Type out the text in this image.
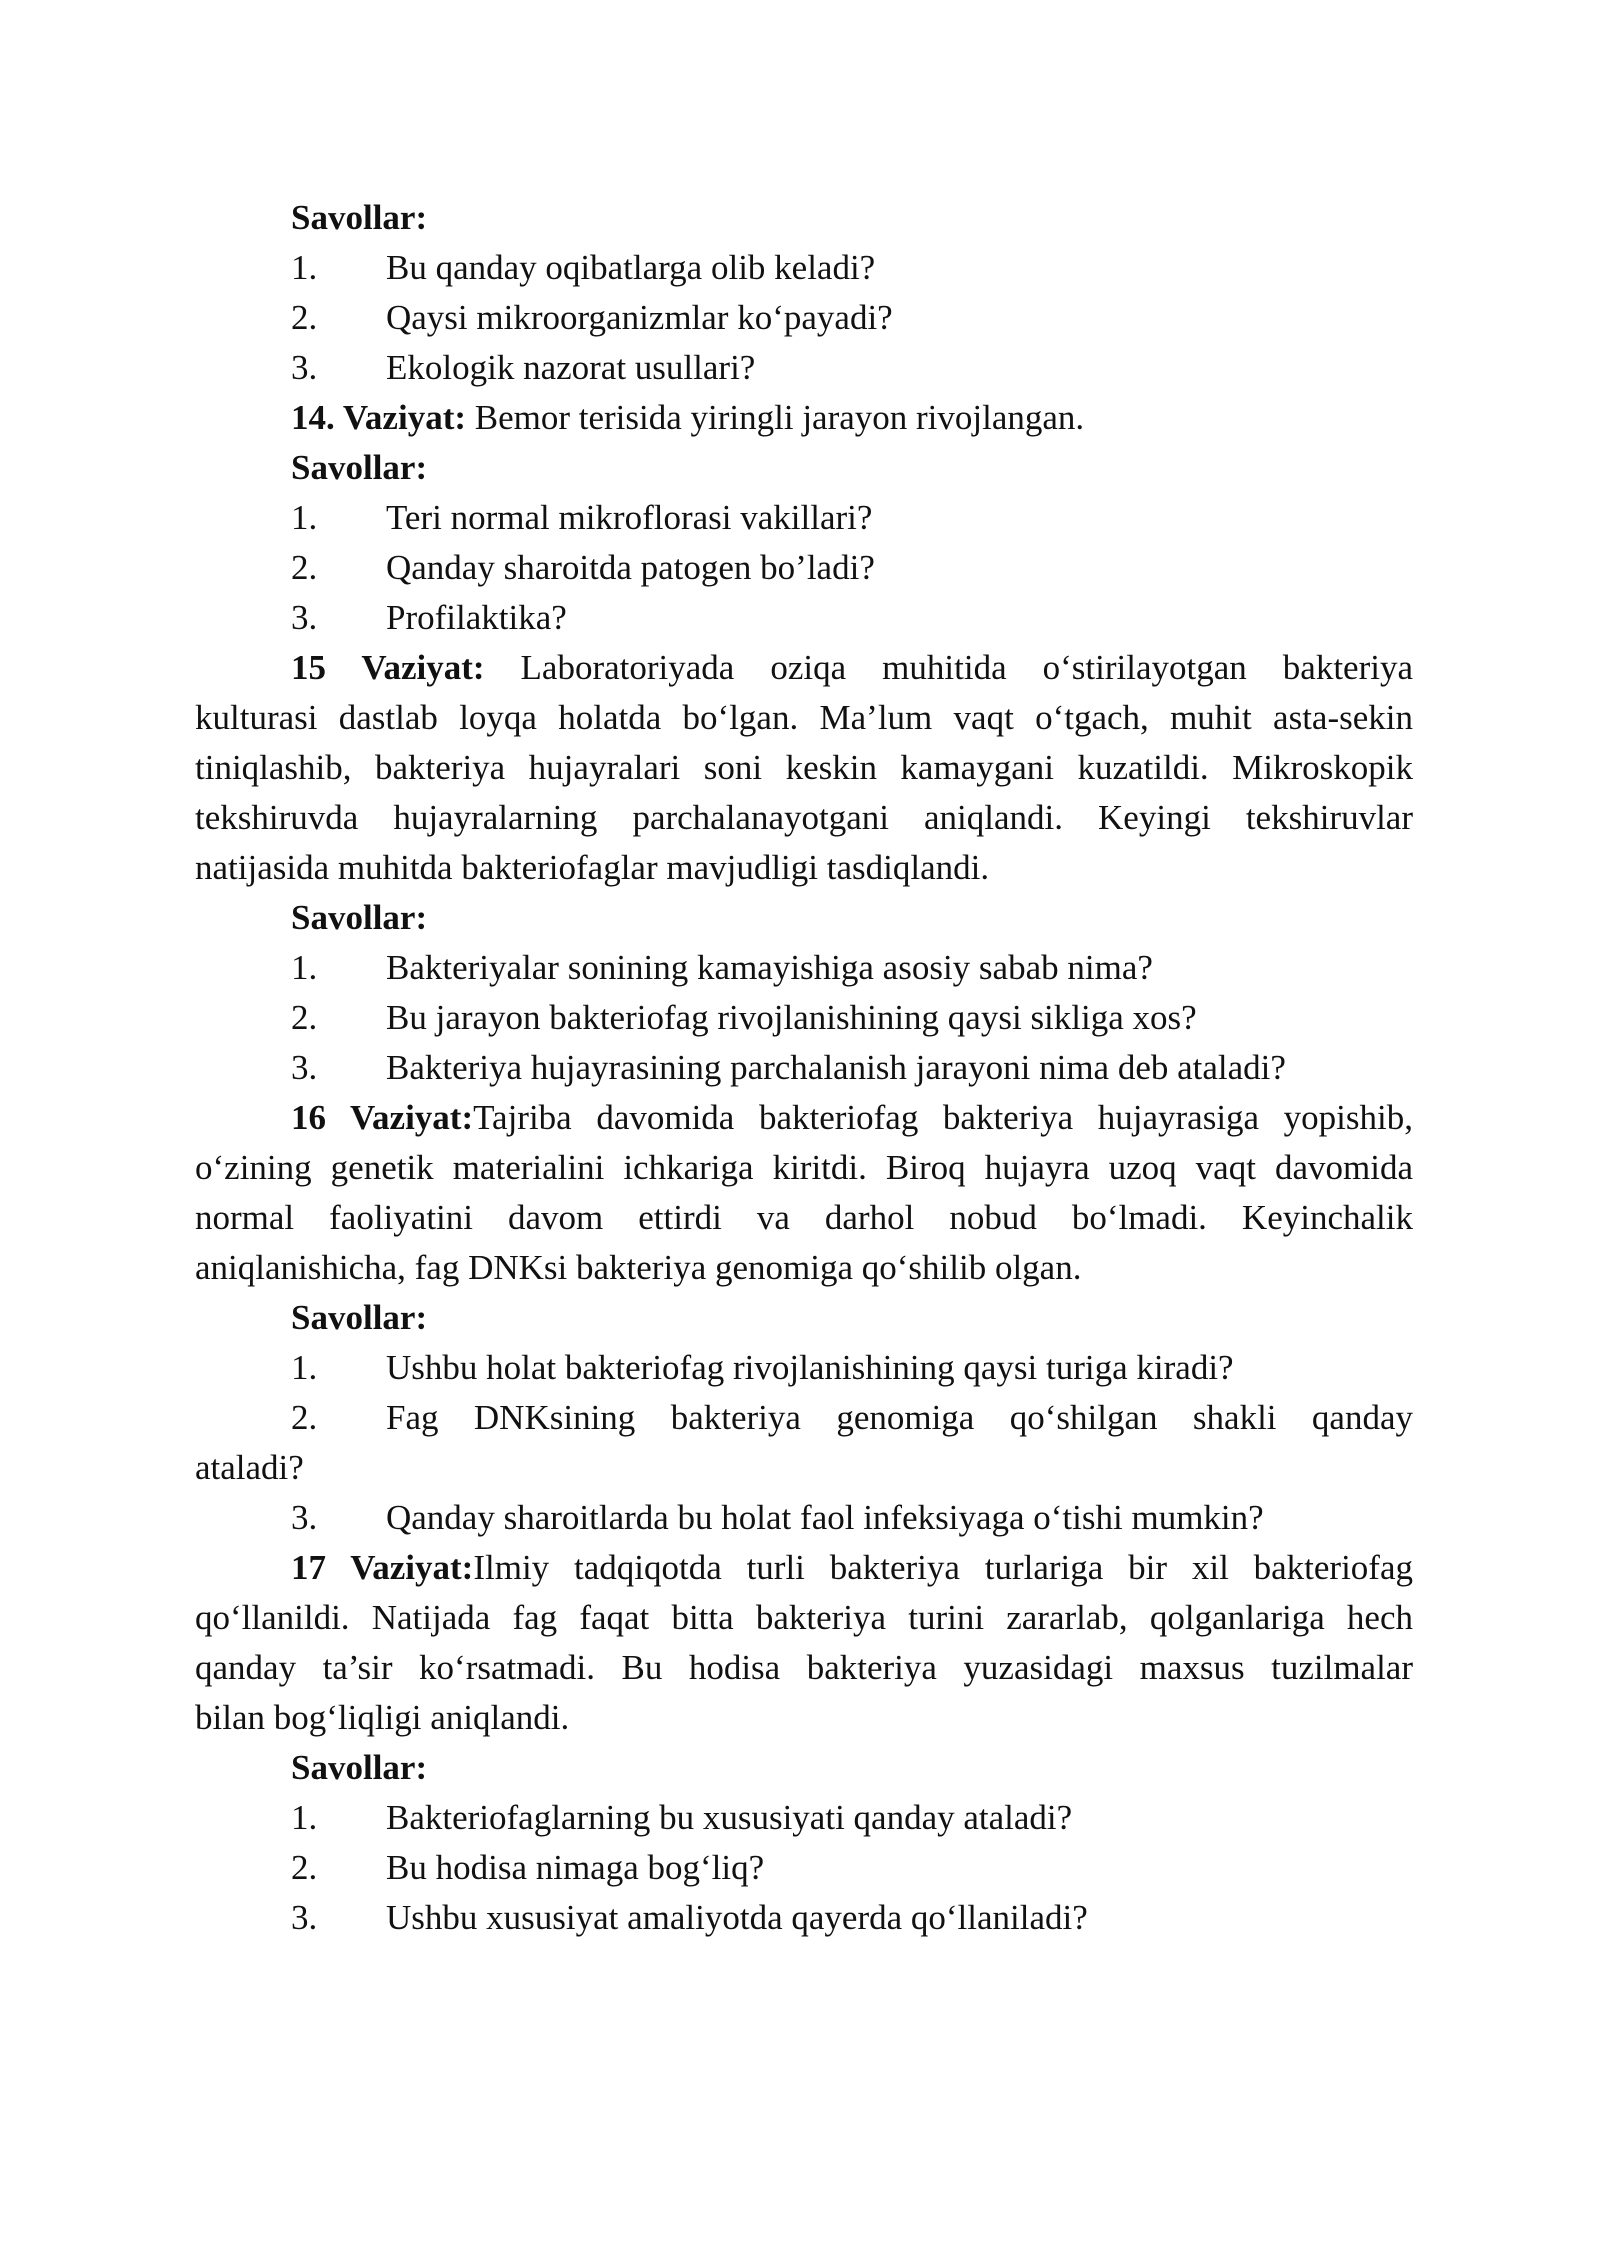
Savollar:
1.	Bu qanday oqibatlarga olib keladi?
2.	Qaysi mikroorganizmlar ko‘payadi?
3.	Ekologik nazorat usullari?
14. Vaziyat: Bemor terisida yiringli jarayon rivojlangan.
Savollar:
1.	Teri normal mikroflorasi vakillari?
2.	Qanday sharoitda patogen bo’ladi?
3.	Profilaktika?
15 Vaziyat: Laboratoriyada oziqa muhitida o‘stirilayotgan bakteriya
kulturasi dastlab loyqa holatda bo‘lgan. Ma’lum vaqt o‘tgach, muhit asta-sekin
tiniqlashib, bakteriya hujayralari soni keskin kamaygani kuzatildi. Mikroskopik
tekshiruvda hujayralarning parchalanayotgani aniqlandi. Keyingi tekshiruvlar
natijasida muhitda bakteriofaglar mavjudligi tasdiqlandi.
Savollar:
1.	Bakteriyalar sonining kamayishiga asosiy sabab nima?
2.	Bu jarayon bakteriofag rivojlanishining qaysi sikliga xos?
3.	Bakteriya hujayrasining parchalanish jarayoni nima deb ataladi?
16 Vaziyat:Tajriba davomida bakteriofag bakteriya hujayrasiga yopishib,
o‘zining genetik materialini ichkariga kiritdi. Biroq hujayra uzoq vaqt davomida
normal faoliyatini davom ettirdi va darhol nobud bo‘lmadi. Keyinchalik
aniqlanishicha, fag DNKsi bakteriya genomiga qo‘shilib olgan.
Savollar:
1.	Ushbu holat bakteriofag rivojlanishining qaysi turiga kiradi?
2.	Fag DNKsining bakteriya genomiga qo‘shilgan shakli qanday
ataladi?
3.	Qanday sharoitlarda bu holat faol infeksiyaga o‘tishi mumkin?
17 Vaziyat:Ilmiy tadqiqotda turli bakteriya turlariga bir xil bakteriofag
qo‘llanildi. Natijada fag faqat bitta bakteriya turini zararlab, qolganlariga hech
qanday ta’sir ko‘rsatmadi. Bu hodisa bakteriya yuzasidagi maxsus tuzilmalar
bilan bog‘liqligi aniqlandi.
Savollar:
1.	Bakteriofaglarning bu xususiyati qanday ataladi?
2.	Bu hodisa nimaga bog‘liq?
3.	Ushbu xususiyat amaliyotda qayerda qo‘llaniladi?
